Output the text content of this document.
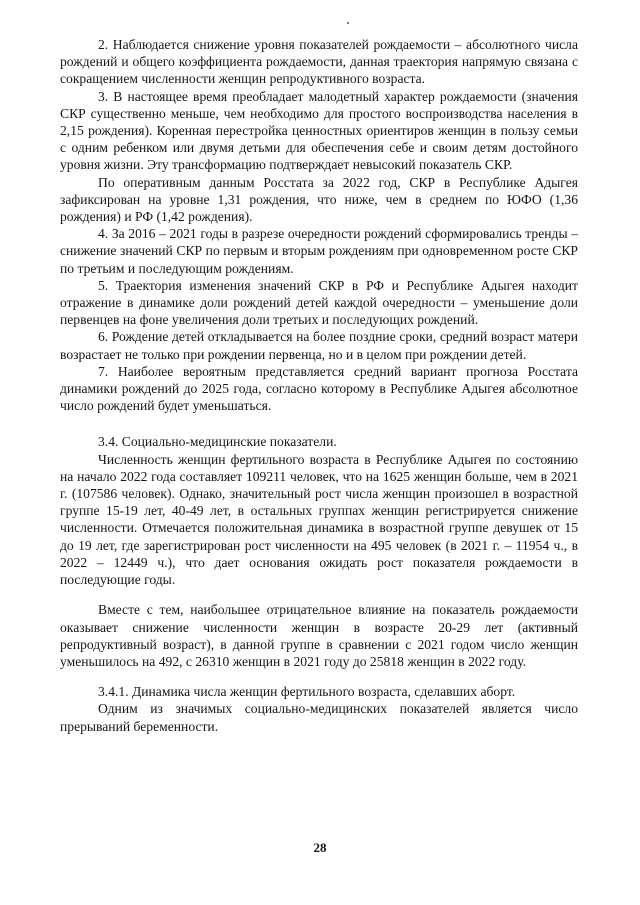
2. Наблюдается снижение уровня показателей рождаемости – абсолютного числа рождений и общего коэффициента рождаемости, данная траектория напрямую связана с сокращением численности женщин репродуктивного возраста.

3. В настоящее время преобладает малодетный характер рождаемости (значения СКР существенно меньше, чем необходимо для простого воспроизводства населения в 2,15 рождения). Коренная перестройка ценностных ориентиров женщин в пользу семьи с одним ребенком или двумя детьми для обеспечения себе и своим детям достойного уровня жизни. Эту трансформацию подтверждает невысокий показатель СКР.

По оперативным данным Росстата за 2022 год, СКР в Республике Адыгея зафиксирован на уровне 1,31 рождения, что ниже, чем в среднем по ЮФО (1,36 рождения) и РФ (1,42 рождения).

4. За 2016 – 2021 годы в разрезе очередности рождений сформировались тренды – снижение значений СКР по первым и вторым рождениям при одновременном росте СКР по третьим и последующим рождениям.

5. Траектория изменения значений СКР в РФ и Республике Адыгея находит отражение в динамике доли рождений детей каждой очередности – уменьшение доли первенцев на фоне увеличения доли третьих и последующих рождений.

6. Рождение детей откладывается на более поздние сроки, средний возраст матери возрастает не только при рождении первенца, но и в целом при рождении детей.

7. Наиболее вероятным представляется средний вариант прогноза Росстата динамики рождений до 2025 года, согласно которому в Республике Адыгея абсолютное число рождений будет уменьшаться.

3.4. Социально-медицинские показатели.

Численность женщин фертильного возраста в Республике Адыгея по состоянию на начало 2022 года составляет 109211 человек, что на 1625 женщин больше, чем в 2021 г. (107586 человек). Однако, значительный рост числа женщин произошел в возрастной группе 15-19 лет, 40-49 лет, в остальных группах женщин регистрируется снижение численности. Отмечается положительная динамика в возрастной группе девушек от 15 до 19 лет, где зарегистрирован рост численности на 495 человек (в 2021 г. – 11954 ч., в 2022 – 12449 ч.), что дает основания ожидать рост показателя рождаемости в последующие годы.

Вместе с тем, наибольшее отрицательное влияние на показатель рождаемости оказывает снижение численности женщин в возрасте 20-29 лет (активный репродуктивный возраст), в данной группе в сравнении с 2021 годом число женщин уменьшилось на 492, с 26310 женщин в 2021 году до 25818 женщин в 2022 году.

3.4.1. Динамика числа женщин фертильного возраста, сделавших аборт.

Одним из значимых социально-медицинских показателей является число прерываний беременности.

28
